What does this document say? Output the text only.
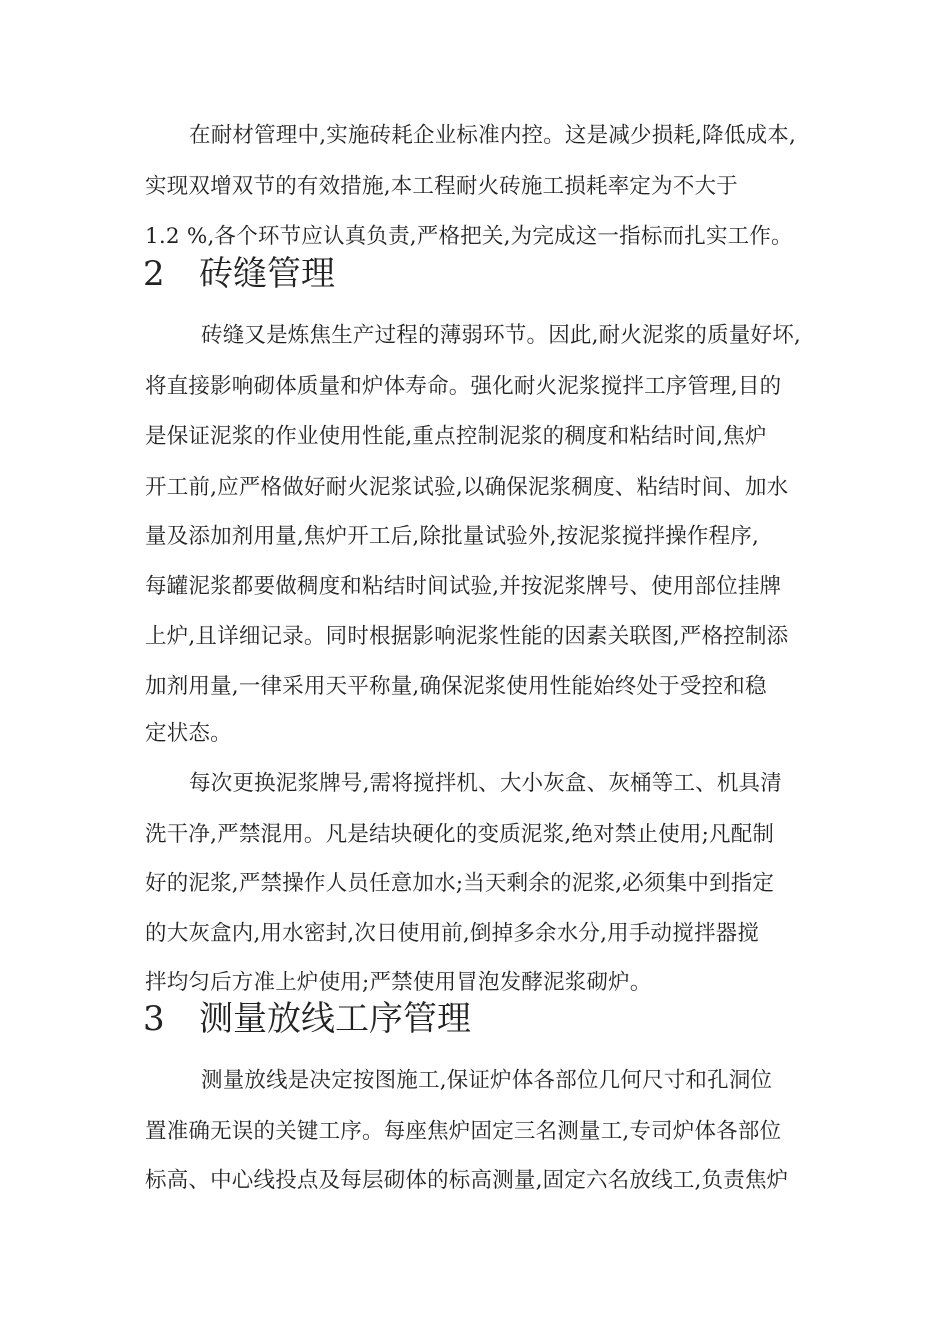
在耐材管理中,实施砖耗企业标准内控。这是减少损耗,降低成本,
实现双增双节的有效措施,本工程耐火砖施工损耗率定为不大于
1.2 %,各个环节应认真负责,严格把关,为完成这一指标而扎实工作。
2 砖缝管理
砖缝又是炼焦生产过程的薄弱环节。因此,耐火泥浆的质量好坏,
将直接影响砌体质量和炉体寿命。强化耐火泥浆搅拌工序管理,目的
是保证泥浆的作业使用性能,重点控制泥浆的稠度和粘结时间,焦炉
开工前,应严格做好耐火泥浆试验,以确保泥浆稠度、粘结时间、加水
量及添加剂用量,焦炉开工后,除批量试验外,按泥浆搅拌操作程序,
每罐泥浆都要做稠度和粘结时间试验,并按泥浆牌号、使用部位挂牌
上炉,且详细记录。同时根据影响泥浆性能的因素关联图,严格控制添
加剂用量,一律采用天平称量,确保泥浆使用性能始终处于受控和稳
定状态。
每次更换泥浆牌号,需将搅拌机、大小灰盒、灰桶等工、机具清
洗干净,严禁混用。凡是结块硬化的变质泥浆,绝对禁止使用;凡配制
好的泥浆,严禁操作人员任意加水;当天剩余的泥浆,必须集中到指定
的大灰盒内,用水密封,次日使用前,倒掉多余水分,用手动搅拌器搅
拌均匀后方准上炉使用;严禁使用冒泡发酵泥浆砌炉。
3 测量放线工序管理
测量放线是决定按图施工,保证炉体各部位几何尺寸和孔洞位
置准确无误的关键工序。每座焦炉固定三名测量工,专司炉体各部位
标高、中心线投点及每层砌体的标高测量,固定六名放线工,负责焦炉
